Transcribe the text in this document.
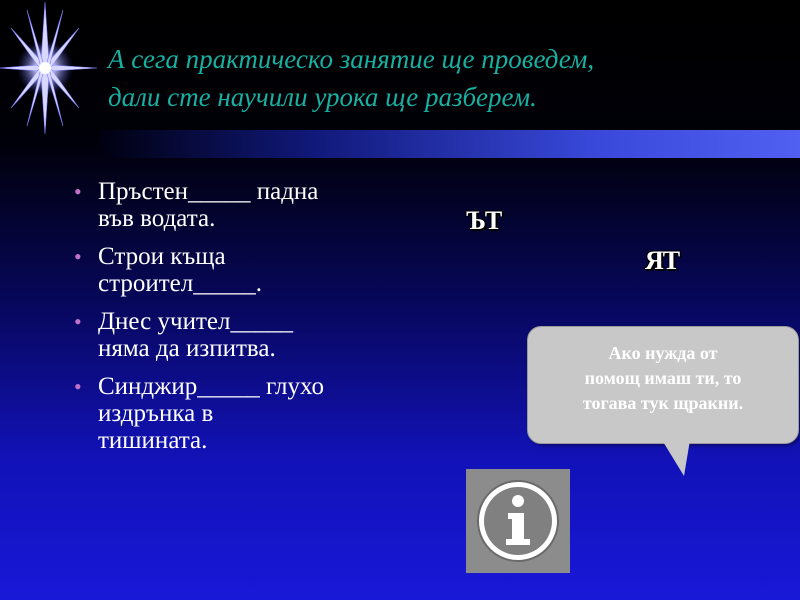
А сега практическо занятие ще проведем,
дали сте научили урока ще разберем.
• Пръстен_____ падна
във водата.
• Строи къща
строител_____.
• Днес учител_____
няма да изпитва.
• Синджир_____ глухо
издрънка в
тишината.
ЪТ
ЯТ
Ако нужда от
помощ имаш ти, то
тогава тук щракни.
